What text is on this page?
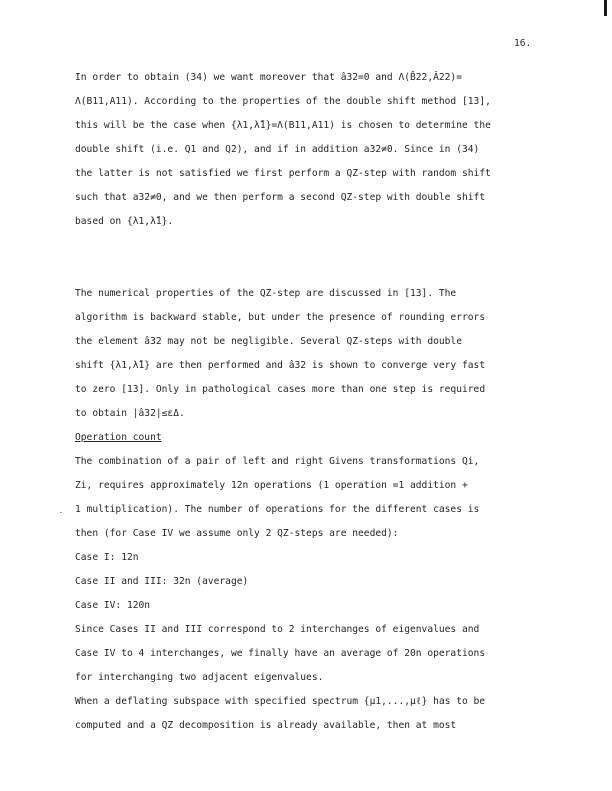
16.
In order to obtain (34) we want moreover that â32=0 and Λ(B̂22,Â22)=
Λ(B11,A11). According to the properties of the double shift method [13],
this will be the case when {λ1,λ̄1}=Λ(B11,A11) is chosen to determine the
double shift (i.e. Q1 and Q2), and if in addition a32≠0. Since in (34)
the latter is not satisfied we first perform a QZ-step with random shift
such that a32≠0, and we then perform a second QZ-step with double shift
based on {λ1,λ̄1}.
The numerical properties of the QZ-step are discussed in [13]. The
algorithm is backward stable, but under the presence of rounding errors
the element â32 may not be negligible. Several QZ-steps with double
shift {λ1,λ̄1} are then performed and â32 is shown to converge very fast
to zero [13]. Only in pathological cases more than one step is required
to obtain |â32|≤εΔ.
Operation count
The combination of a pair of left and right Givens transformations Qi,
Zi, requires approximately 12n operations (1 operation =1 addition +
1 multiplication). The number of operations for the different cases is
then (for Case IV we assume only 2 QZ-steps are needed):
Case I: 12n
Case II and III: 32n (average)
Case IV: 120n
Since Cases II and III correspond to 2 interchanges of eigenvalues and
Case IV to 4 interchanges, we finally have an average of 20n operations
for interchanging two adjacent eigenvalues.
When a deflating subspace with specified spectrum {μ1,...,μℓ} has to be
computed and a QZ decomposition is already available, then at most
